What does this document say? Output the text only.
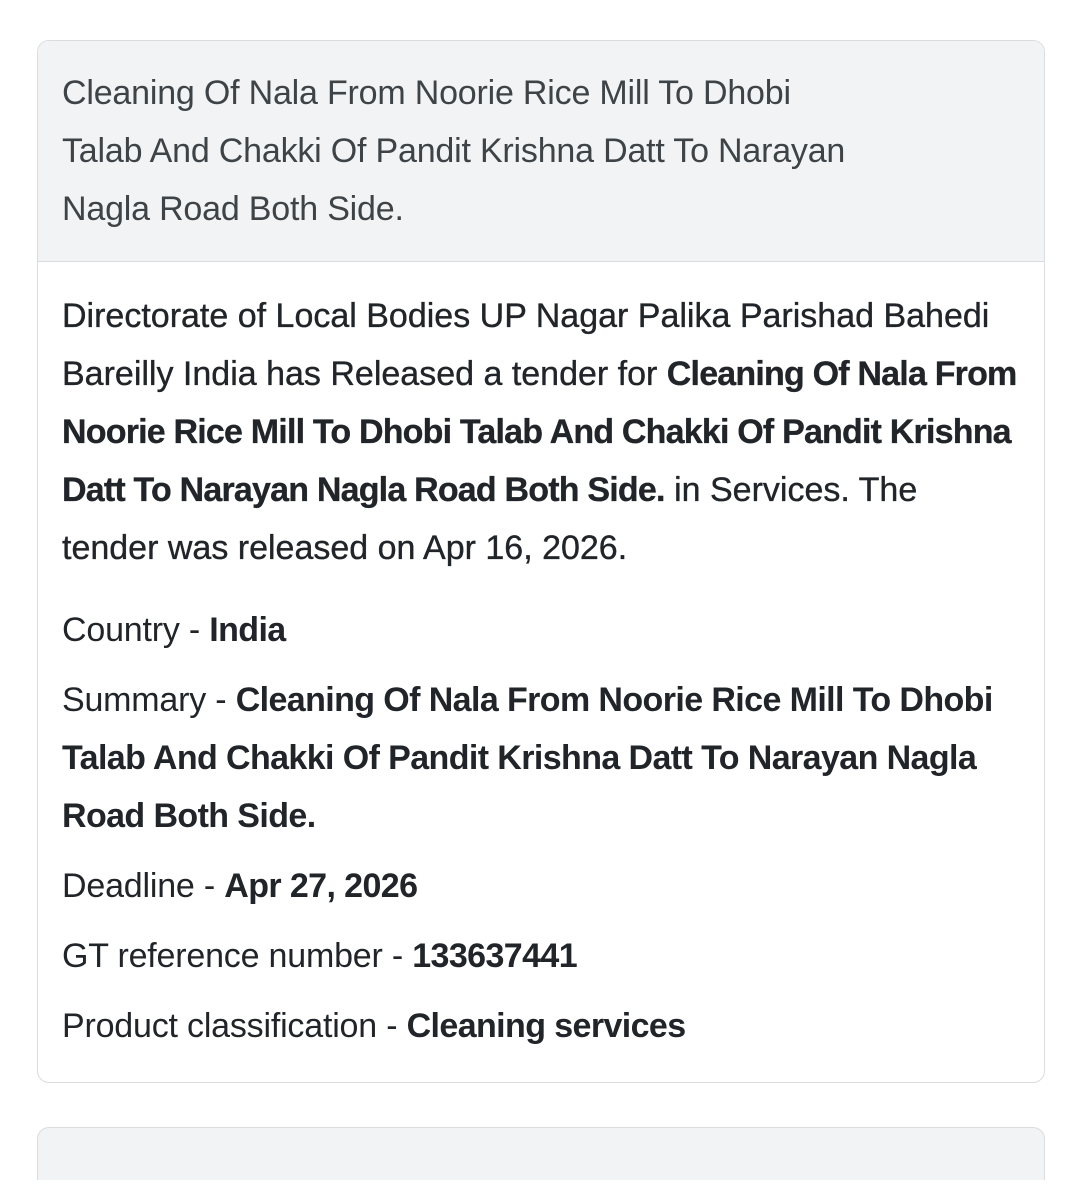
Cleaning Of Nala From Noorie Rice Mill To Dhobi
Talab And Chakki Of Pandit Krishna Datt To Narayan
Nagla Road Both Side.

Directorate of Local Bodies UP Nagar Palika Parishad Bahedi Bareilly India has Released a tender for Cleaning Of Nala From Noorie Rice Mill To Dhobi Talab And Chakki Of Pandit Krishna Datt To Narayan Nagla Road Both Side. in Services. The tender was released on Apr 16, 2026.

Country - India

Summary - Cleaning Of Nala From Noorie Rice Mill To Dhobi Talab And Chakki Of Pandit Krishna Datt To Narayan Nagla Road Both Side.

Deadline - Apr 27, 2026

GT reference number - 133637441

Product classification - Cleaning services
